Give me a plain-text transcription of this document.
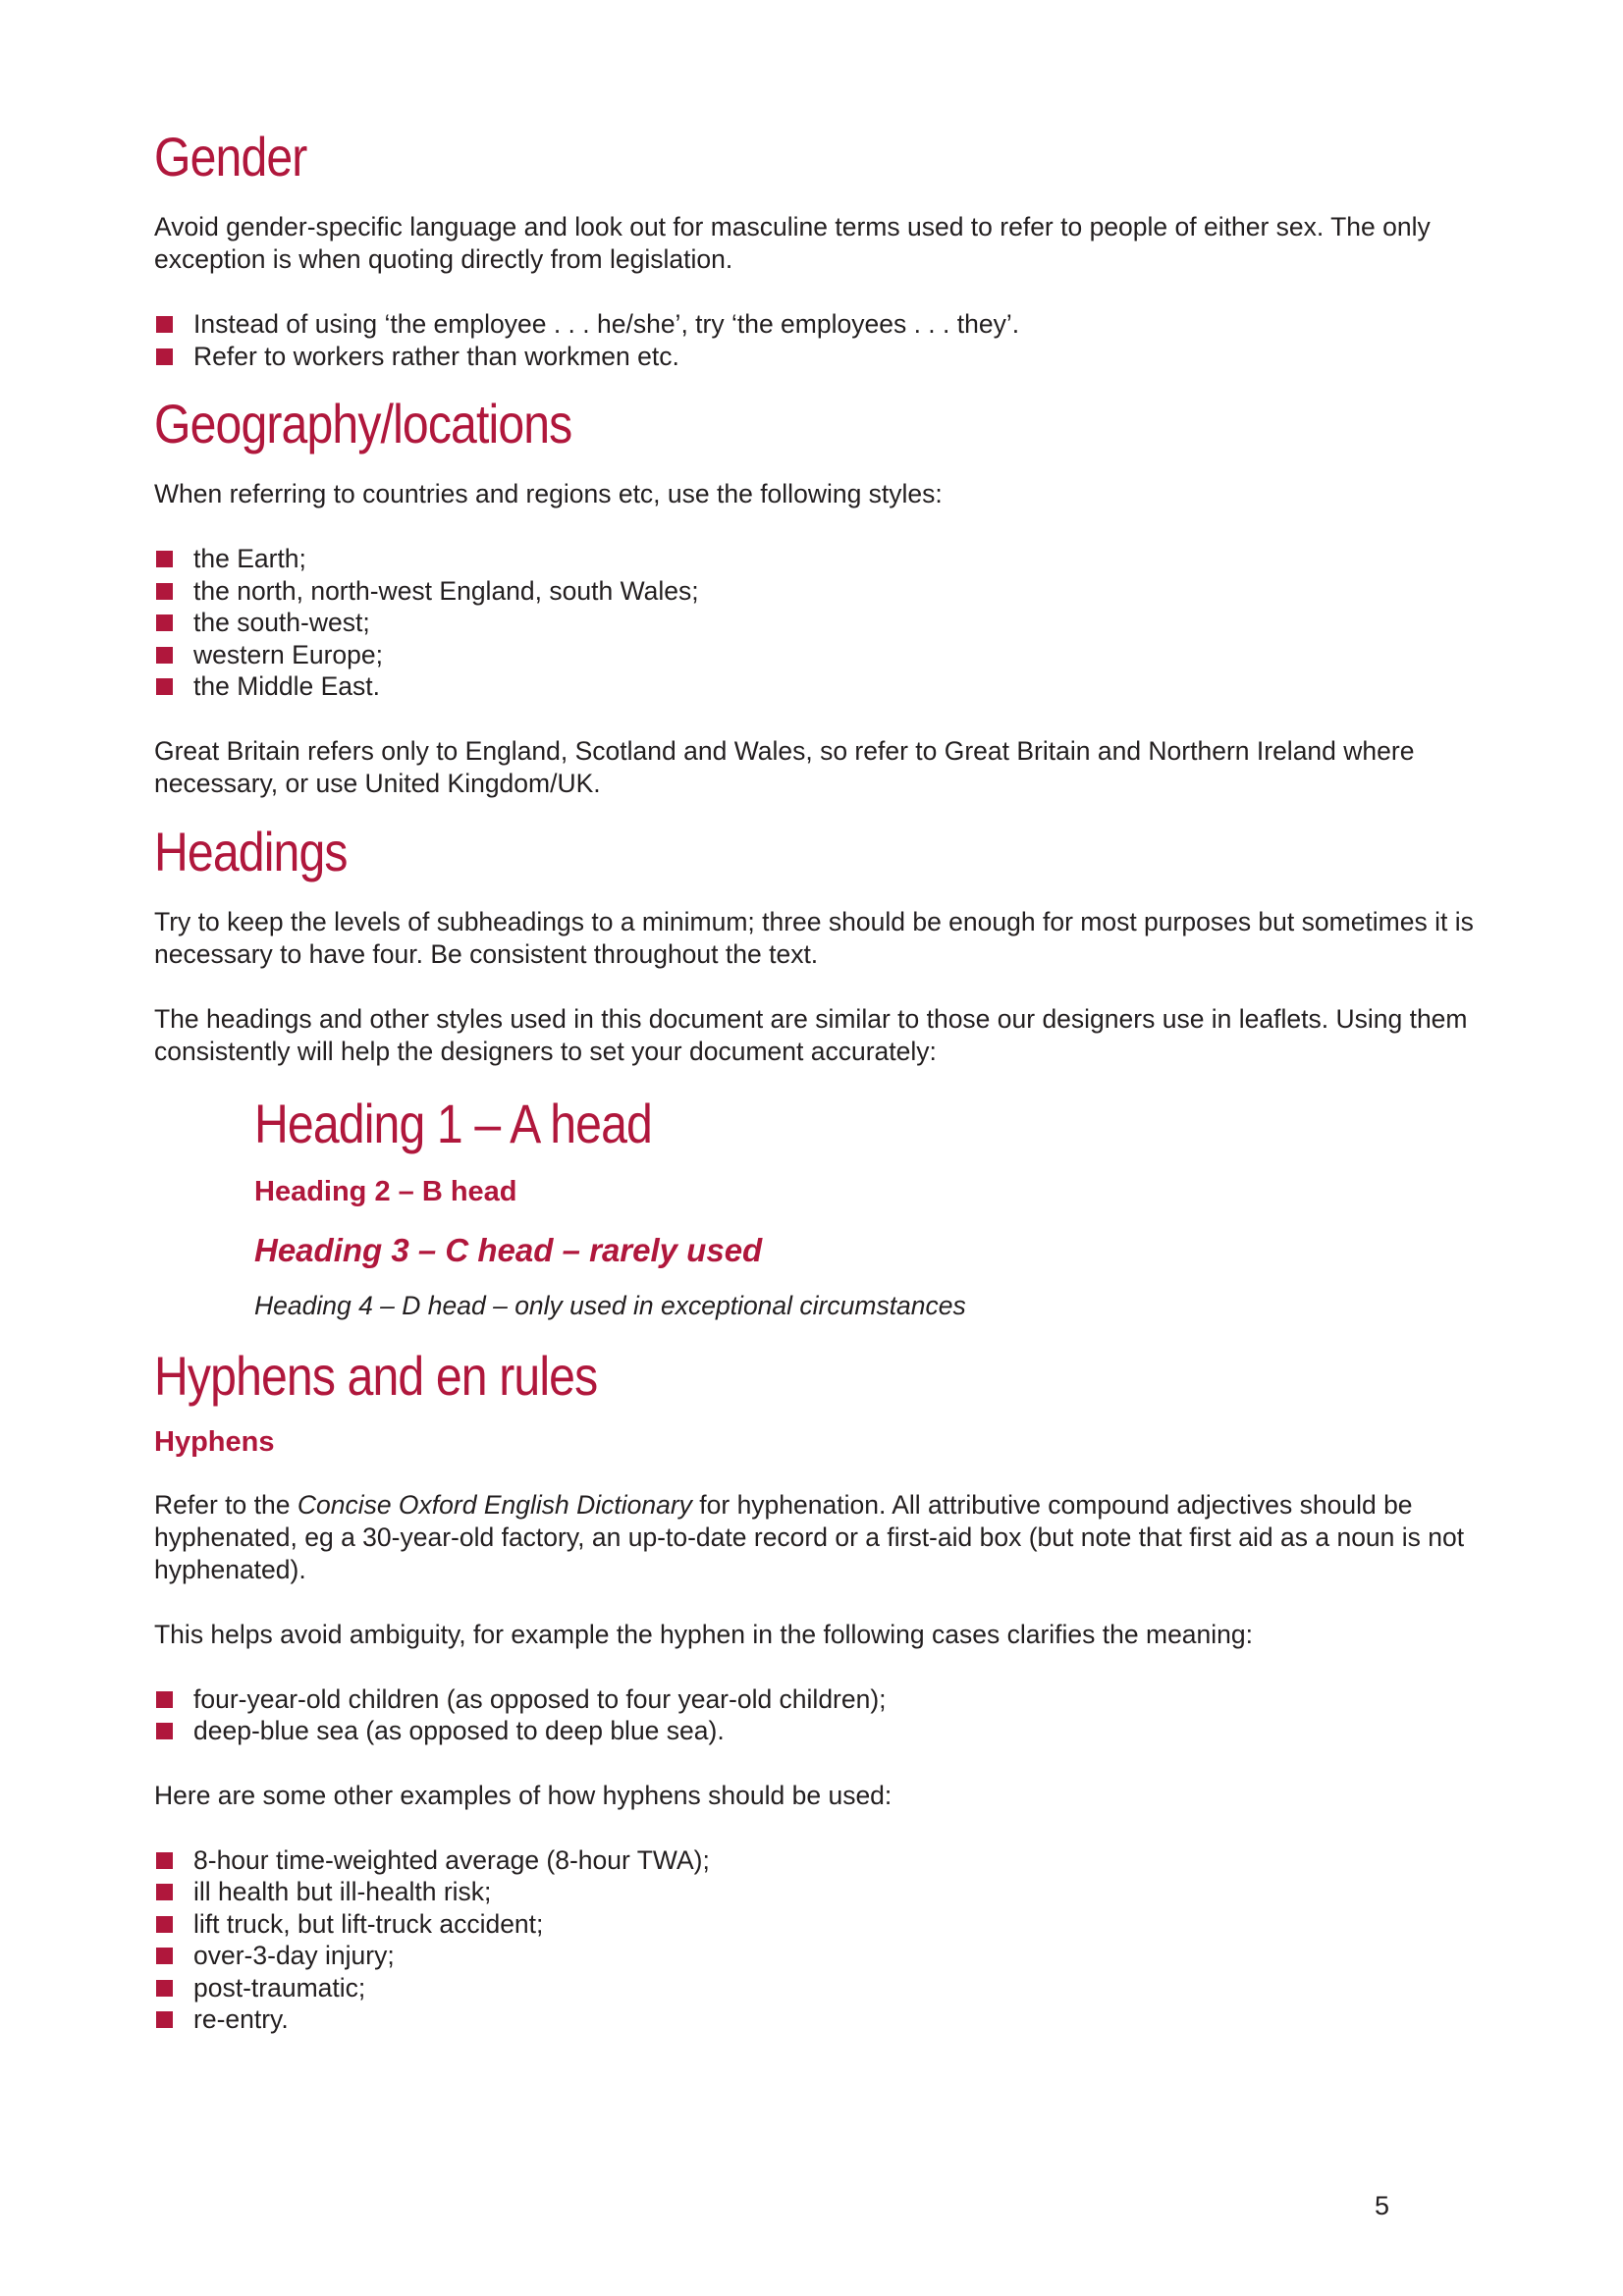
Gender

Avoid gender-specific language and look out for masculine terms used to refer to people of either sex. The only exception is when quoting directly from legislation.

Instead of using ‘the employee . . . he/she’, try ‘the employees . . . they’.
Refer to workers rather than workmen etc.
Geography/locations

When referring to countries and regions etc, use the following styles:

the Earth;
the north, north-west England, south Wales;
the south-west;
western Europe;
the Middle East.

Great Britain refers only to England, Scotland and Wales, so refer to Great Britain and Northern Ireland where necessary, or use United Kingdom/UK.

Headings

Try to keep the levels of subheadings to a minimum; three should be enough for most purposes but sometimes it is necessary to have four. Be consistent throughout the text.

The headings and other styles used in this document are similar to those our designers use in leaflets. Using them consistently will help the designers to set your document accurately:

Heading 1 – A head
Heading 2 – B head
Heading 3 – C head – rarely used
Heading 4 – D head – only used in exceptional circumstances
Hyphens and en rules
Hyphens

Refer to the Concise Oxford English Dictionary for hyphenation. All attributive compound adjectives should be hyphenated, eg a 30-year-old factory, an up-to-date record or a first-aid box (but note that first aid as a noun is not hyphenated).

This helps avoid ambiguity, for example the hyphen in the following cases clarifies the meaning:

four-year-old children (as opposed to four year-old children);
deep-blue sea (as opposed to deep blue sea).

Here are some other examples of how hyphens should be used:

8-hour time-weighted average (8-hour TWA);
ill health but ill-health risk;
lift truck, but lift-truck accident;
over-3-day injury;
post-traumatic;
re-entry.
5
